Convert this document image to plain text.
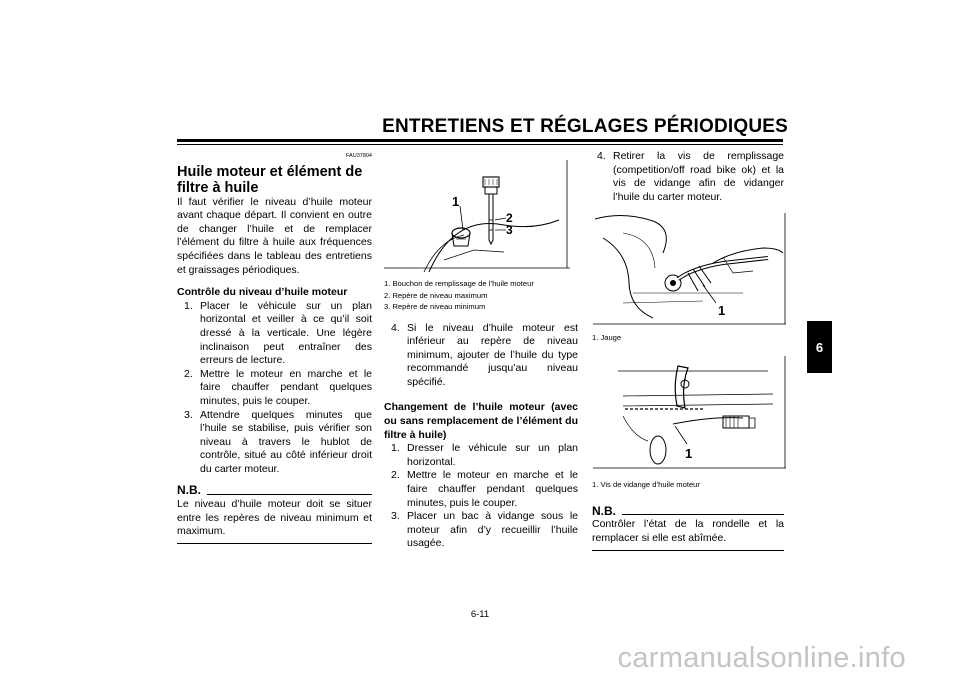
ENTRETIENS ET RÉGLAGES PÉRIODIQUES
6
FAU37804
Huile moteur et élément de filtre à huile
Il faut vérifier le niveau d’huile moteur avant chaque départ. Il convient en outre de changer l’huile et de remplacer l’élément du filtre à huile aux fréquences spécifiées dans le tableau des entretiens et graissages périodiques.
Contrôle du niveau d’huile moteur
1. Placer le véhicule sur un plan horizontal et veiller à ce qu’il soit dressé à la verticale. Une légère inclinaison peut entraîner des erreurs de lecture.
2. Mettre le moteur en marche et le faire chauffer pendant quelques minutes, puis le couper.
3. Attendre quelques minutes que l’huile se stabilise, puis vérifier son niveau à travers le hublot de contrôle, situé au côté inférieur droit du carter moteur.
N.B.
Le niveau d’huile moteur doit se situer entre les repères de niveau minimum et maximum.
1
2
3
1. Bouchon de remplissage de l’huile moteur
2. Repère de niveau maximum
3. Repère de niveau minimum
4. Si le niveau d’huile moteur est inférieur au repère de niveau minimum, ajouter de l’huile du type recommandé jusqu’au niveau spécifié.
Changement de l’huile moteur (avec ou sans remplacement de l’élément du filtre à huile)
1. Dresser le véhicule sur un plan horizontal.
2. Mettre le moteur en marche et le faire chauffer pendant quelques minutes, puis le couper.
3. Placer un bac à vidange sous le moteur afin d’y recueillir l’huile usagée.
4. Retirer la vis de remplissage (competition/off road bike ok) et la vis de vidange afin de vidanger l’huile du carter moteur.
1
1. Jauge
1
1. Vis de vidange d’huile moteur
N.B.
Contrôler l’état de la rondelle et la remplacer si elle est abîmée.
6-11
carmanualsonline.info
